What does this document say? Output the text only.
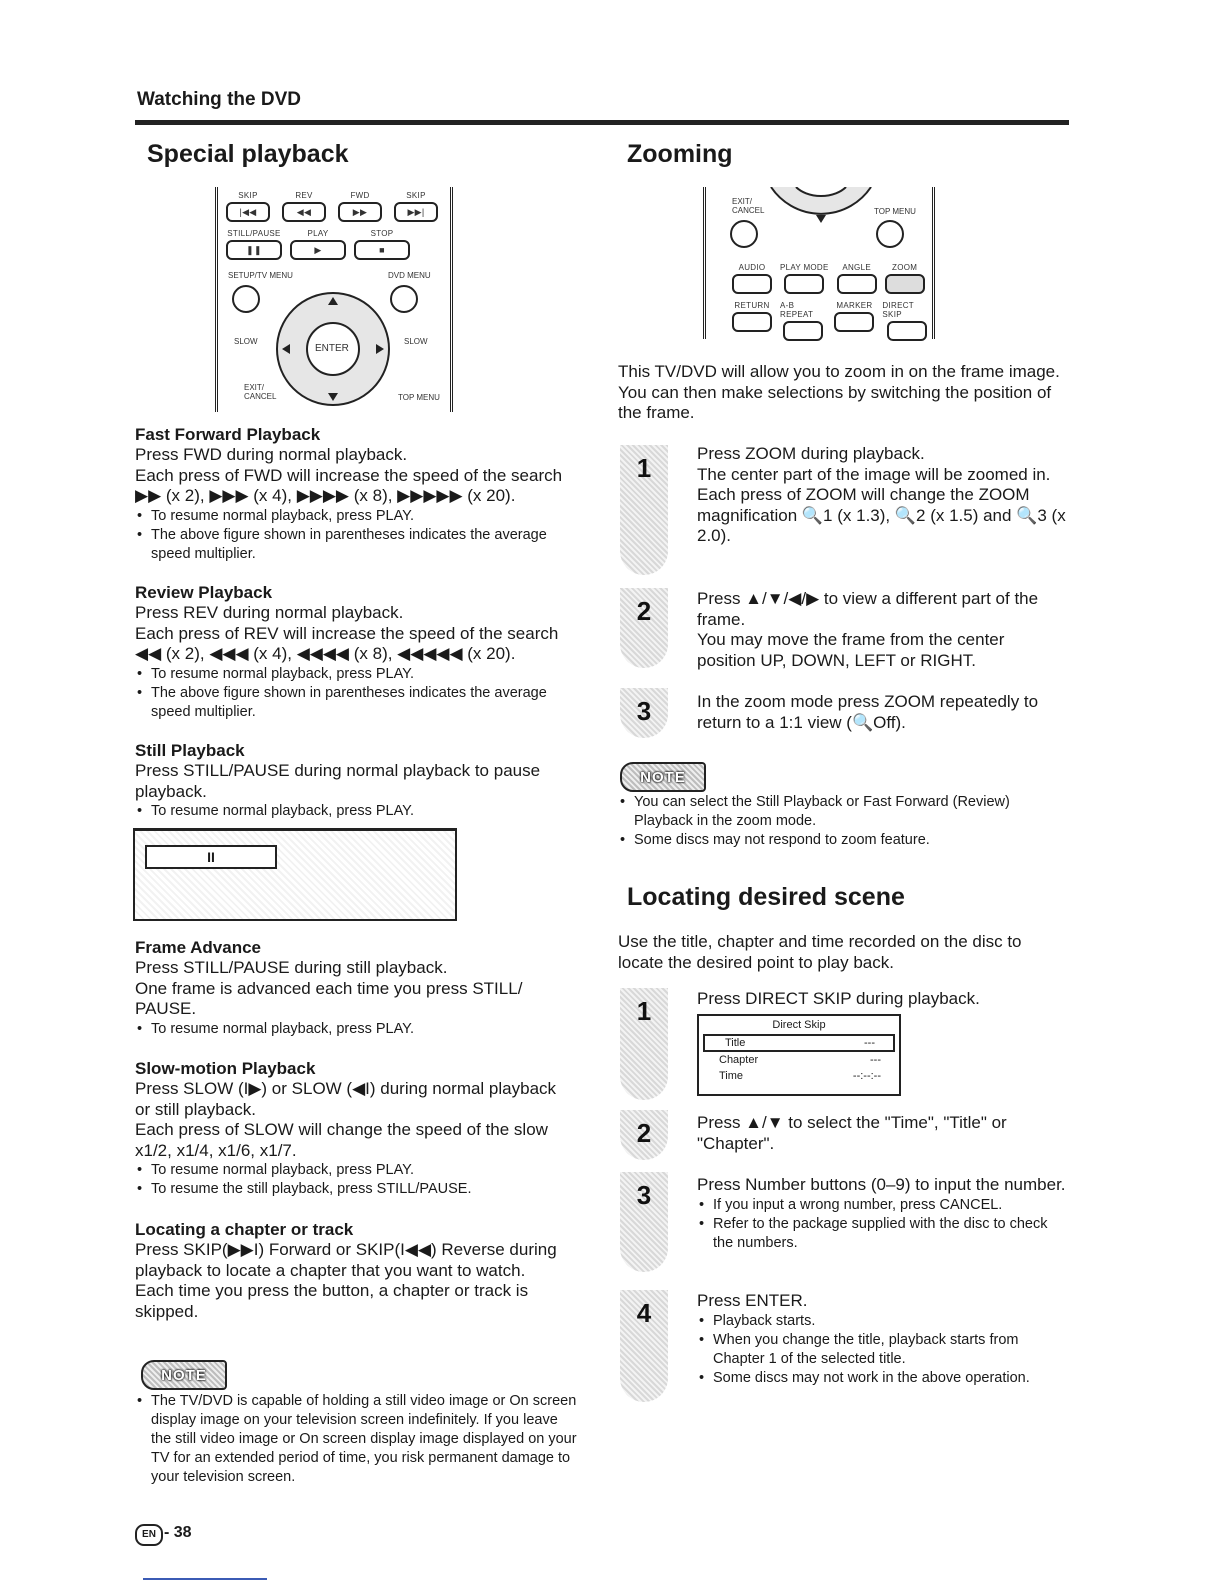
Watching the DVD
Special playback
SKIP
|◀◀
REV
◀◀
FWD
▶▶
SKIP
▶▶|
STILL/PAUSE
❚❚
PLAY
▶
STOP
■
SETUP/TV MENU	DVD MENU
ENTER
SLOW	SLOW
EXIT/ CANCEL	TOP MENU
Fast Forward Playback
Press FWD during normal playback.
Each press of FWD will increase the speed of the search
▶▶ (x 2), ▶▶▶ (x 4), ▶▶▶▶ (x 8), ▶▶▶▶▶ (x 20).
• To resume normal playback, press PLAY.
• The above figure shown in parentheses indicates the average speed multiplier.
Review Playback
Press REV during normal playback.
Each press of REV will increase the speed of the search
◀◀ (x 2), ◀◀◀ (x 4), ◀◀◀◀ (x 8), ◀◀◀◀◀ (x 20).
• To resume normal playback, press PLAY.
• The above figure shown in parentheses indicates the average speed multiplier.
Still Playback
Press STILL/PAUSE during normal playback to pause playback.
• To resume normal playback, press PLAY.
II
Frame Advance
Press STILL/PAUSE during still playback.
One frame is advanced each time you press STILL/ PAUSE.
• To resume normal playback, press PLAY.
Slow-motion Playback
Press SLOW (I▶) or SLOW (◀I) during normal playback or still playback.
Each press of SLOW will change the speed of the slow x1/2, x1/4, x1/6, x1/7.
• To resume normal playback, press PLAY.
• To resume the still playback, press STILL/PAUSE.
Locating a chapter or track
Press SKIP(▶▶I) Forward or SKIP(I◀◀) Reverse during playback to locate a chapter that you want to watch.
Each time you press the button, a chapter or track is skipped.
NOTE
• The TV/DVD is capable of holding a still video image or On screen display image on your television screen indefinitely. If you leave the still video image or On screen display image displayed on your TV for an extended period of time, you risk permanent damage to your television screen.
EN - 38
Zooming
EXIT/ CANCEL	TOP MENU
AUDIO PLAY MODE ANGLE	ZOOM
RETURN A-B REPEAT
MARKER DIRECT SKIP
This TV/DVD will allow you to zoom in on the frame image. You can then make selections by switching the position of the frame.
1	Press ZOOM during playback.
The center part of the image will be zoomed in.
Each press of ZOOM will change the ZOOM magnification 🔍1 (x 1.3), 🔍2 (x 1.5) and 🔍3 (x 2.0).
2	Press ▲/▼/◀/▶ to view a different part of the frame.
You may move the frame from the center position UP, DOWN, LEFT or RIGHT.
3	In the zoom mode press ZOOM repeatedly to return to a 1:1 view (🔍Off).
NOTE
• You can select the Still Playback or Fast Forward (Review) Playback in the zoom mode.
• Some discs may not respond to zoom feature.
Locating desired scene
Use the title, chapter and time recorded on the disc to locate the desired point to play back.
1	Press DIRECT SKIP during playback.
Direct Skip
Title	---
Chapter	---
Time	--:--:--
2	Press ▲/▼ to select the "Time", "Title" or "Chapter".
3	Press Number buttons (0–9) to input the number.
• If you input a wrong number, press CANCEL.
• Refer to the package supplied with the disc to check the numbers.
4	Press ENTER.
• Playback starts.
• When you change the title, playback starts from Chapter 1 of the selected title.
• Some discs may not work in the above operation.
